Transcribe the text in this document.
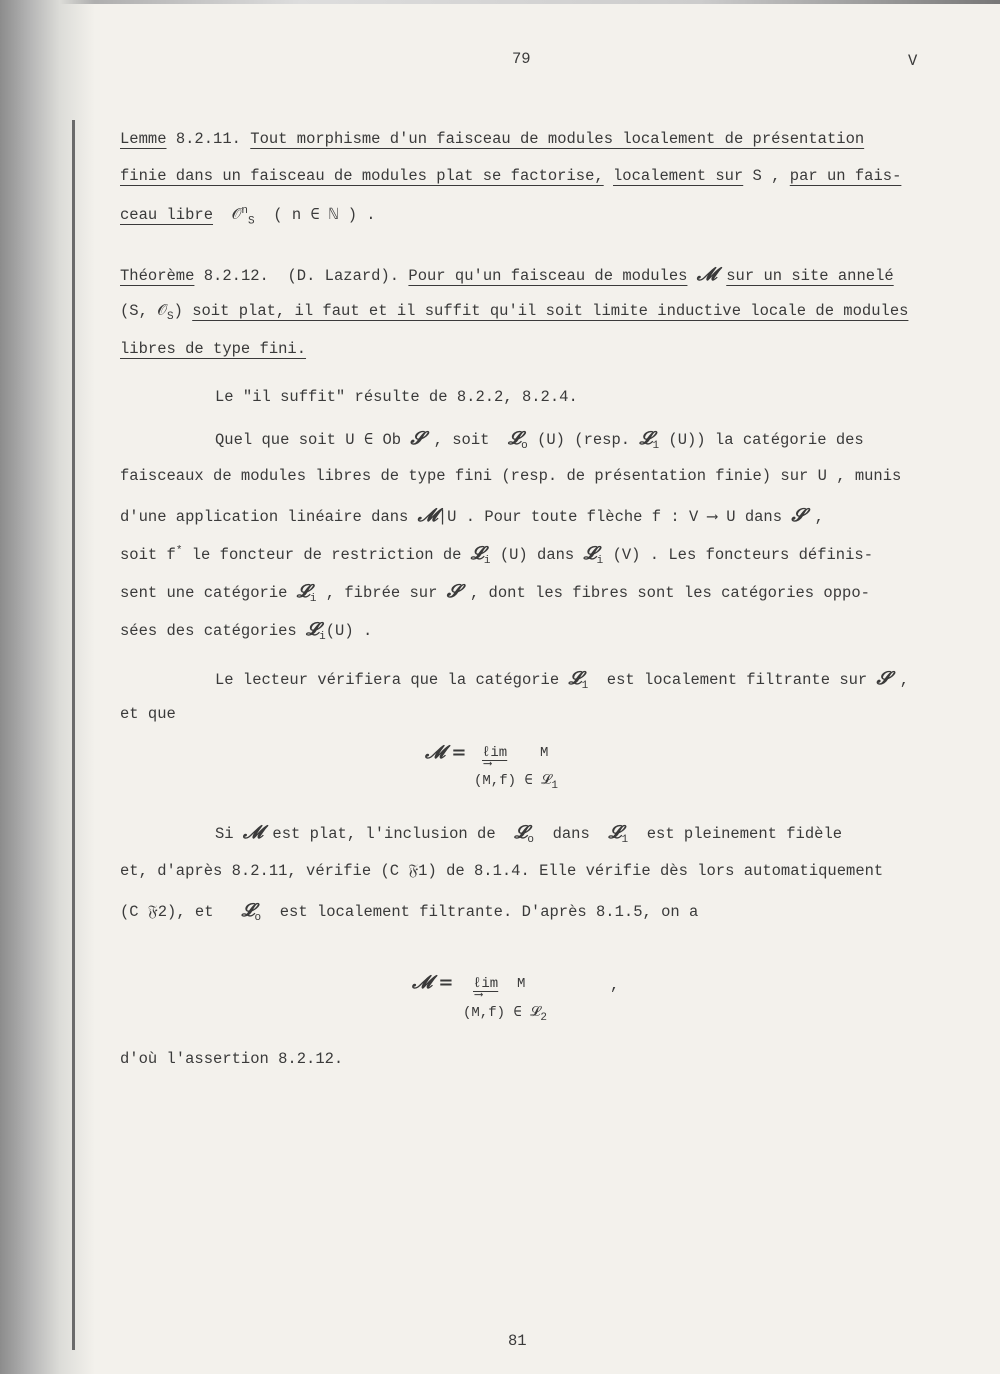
79	V
Lemme 8.2.11. Tout morphisme d'un faisceau de modules localement de présentation
finie dans un faisceau de modules plat se factorise, localement sur S , par un fais-
ceau libre 𝒪$^n_S$ ( n ∈ ℕ ) .
Théorème 8.2.12. (D. Lazard). Pour qu'un faisceau de modules 𝓜 sur un site annelé
(S, 𝒪$_S$) soit plat, il faut et il suffit qu'il soit limite inductive locale de modules
libres de type fini.
Le "il suffit" résulte de 8.2.2, 8.2.4.
Quel que soit U ∈ Ob 𝓢 , soit 𝓛$_o$ (U) (resp. 𝓛$_1$ (U)) la catégorie des
faisceaux de modules libres de type fini (resp. de présentation finie) sur U , munis
d'une application linéaire dans 𝓜|U . Pour toute flèche f : V ⟶ U dans 𝓢 ,
soit f* le foncteur de restriction de 𝓛$_i$ (U) dans 𝓛$_i$ (V) . Les foncteurs définis-
sent une catégorie 𝓛$_i$ , fibrée sur 𝓢 , dont les fibres sont les catégories oppo-
sées des catégories 𝓛$_i$(U) .
Le lecteur vérifiera que la catégorie 𝓛$_1$ est localement filtrante sur 𝓢 ,
et que
𝓜 = ℓim
⟶
M
(M,f) ∈ 𝓛$_1$
Si 𝓜 est plat, l'inclusion de 𝓛$_o$ dans 𝓛$_1$ est pleinement fidèle
et, d'après 8.2.11, vérifie (C 𝔉1) de 8.1.4. Elle vérifie dès lors automatiquement
(C 𝔉2), et 𝓛$_o$ est localement filtrante. D'après 8.1.5, on a
𝓜 = ℓim
⟶
M	,
(M,f) ∈ 𝓛$_2$
d'où l'assertion 8.2.12.
81
